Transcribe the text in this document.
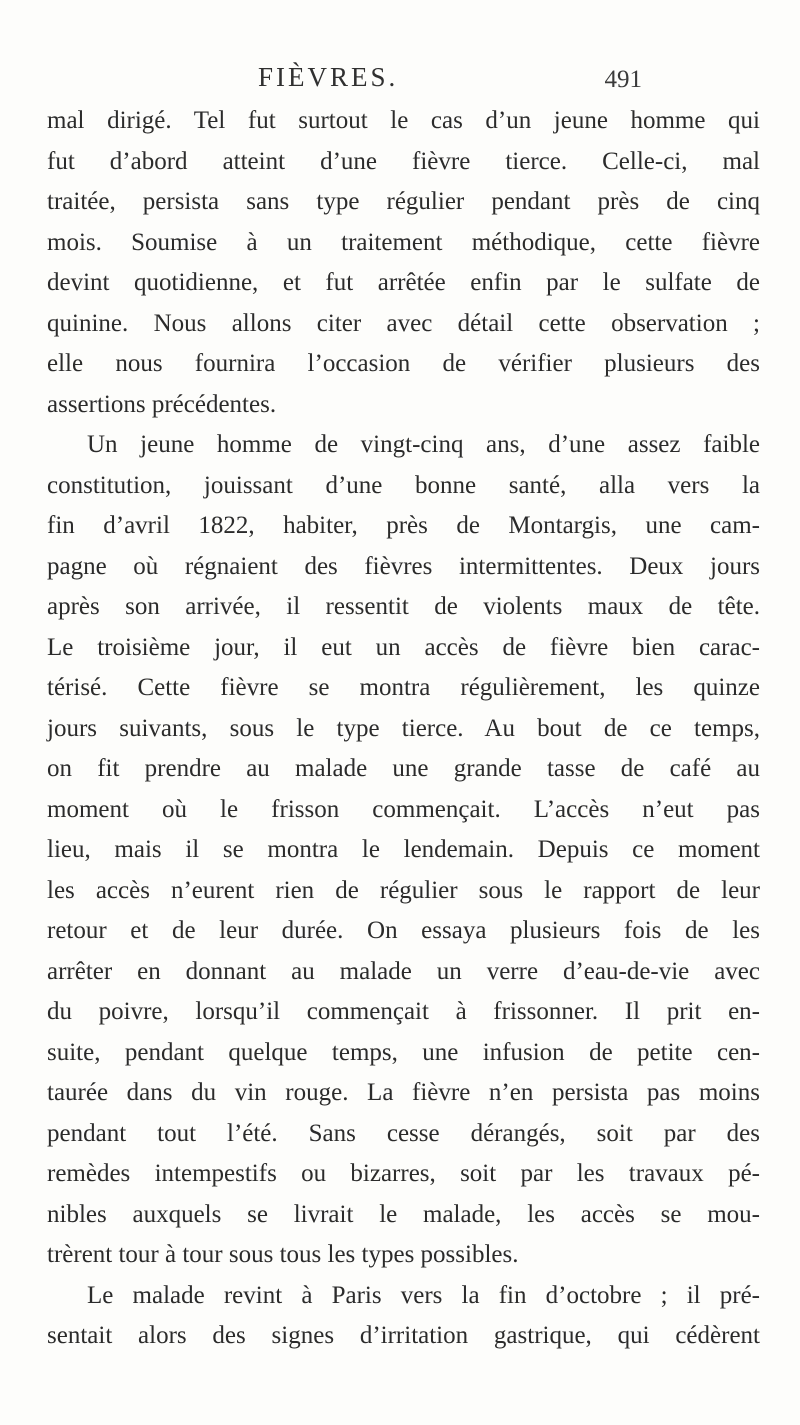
FIÈVRES.	491
mal dirigé. Tel fut surtout le cas d’un jeune homme qui
fut d’abord atteint d’une fièvre tierce. Celle-ci, mal
traitée, persista sans type régulier pendant près de cinq
mois. Soumise à un traitement méthodique, cette fièvre
devint quotidienne, et fut arrêtée enfin par le sulfate de
quinine. Nous allons citer avec détail cette observation ;
elle nous fournira l’occasion de vérifier plusieurs des
assertions précédentes.
Un jeune homme de vingt-cinq ans, d’une assez faible
constitution, jouissant d’une bonne santé, alla vers la
fin d’avril 1822, habiter, près de Montargis, une cam-
pagne où régnaient des fièvres intermittentes. Deux jours
après son arrivée, il ressentit de violents maux de tête.
Le troisième jour, il eut un accès de fièvre bien carac-
térisé. Cette fièvre se montra régulièrement, les quinze
jours suivants, sous le type tierce. Au bout de ce temps,
on fit prendre au malade une grande tasse de café au
moment où le frisson commençait. L’accès n’eut pas
lieu, mais il se montra le lendemain. Depuis ce moment
les accès n’eurent rien de régulier sous le rapport de leur
retour et de leur durée. On essaya plusieurs fois de les
arrêter en donnant au malade un verre d’eau-de-vie avec
du poivre, lorsqu’il commençait à frissonner. Il prit en-
suite, pendant quelque temps, une infusion de petite cen-
taurée dans du vin rouge. La fièvre n’en persista pas moins
pendant tout l’été. Sans cesse dérangés, soit par des
remèdes intempestifs ou bizarres, soit par les travaux pé-
nibles auxquels se livrait le malade, les accès se mou-
trèrent tour à tour sous tous les types possibles.
Le malade revint à Paris vers la fin d’octobre ; il pré-
sentait alors des signes d’irritation gastrique, qui cédèrent
